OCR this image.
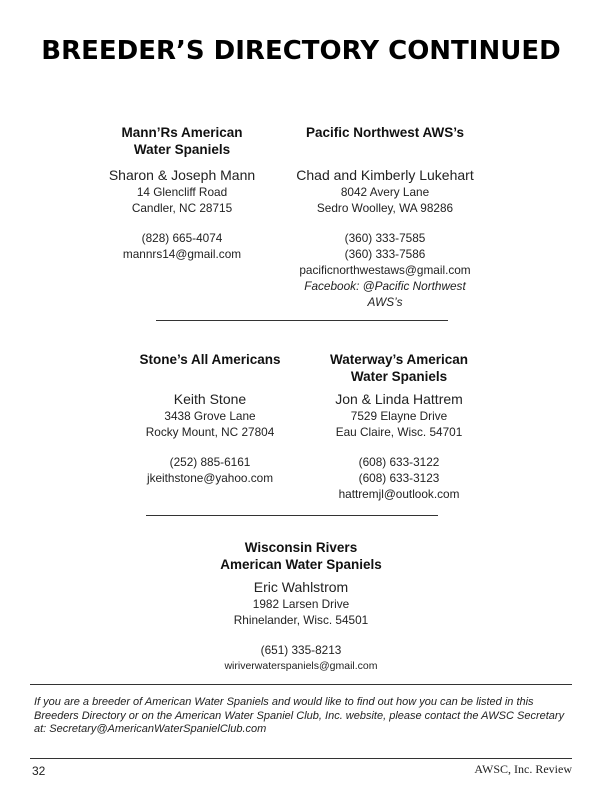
BREEDER’S DIRECTORY CONTINUED
Mann’Rs American
Water Spaniels
Sharon & Joseph Mann
14 Glencliff Road
Candler, NC 28715
(828) 665-4074
mannrs14@gmail.com
Pacific Northwest AWS’s
Chad and Kimberly Lukehart
8042 Avery Lane
Sedro Woolley, WA 98286
(360) 333-7585
(360) 333-7586
pacificnorthwestaws@gmail.com
Facebook: @Pacific Northwest
AWS’s
Stone’s All Americans
Keith Stone
3438 Grove Lane
Rocky Mount, NC 27804
(252) 885-6161
jkeithstone@yahoo.com
Waterway’s American
Water Spaniels
Jon & Linda Hattrem
7529 Elayne Drive
Eau Claire, Wisc. 54701
(608) 633-3122
(608) 633-3123
hattremjl@outlook.com
Wisconsin Rivers
American Water Spaniels
Eric Wahlstrom
1982 Larsen Drive
Rhinelander, Wisc. 54501
(651) 335-8213
wiriverwaterspaniels@gmail.com

If you are a breeder of American Water Spaniels and would like to find out how you can be listed in this Breeders Directory or on the American Water Spaniel Club, Inc. website, please contact the AWSC Secretary at: Secretary@AmericanWaterSpanielClub.com

32	AWSC, Inc. Review
